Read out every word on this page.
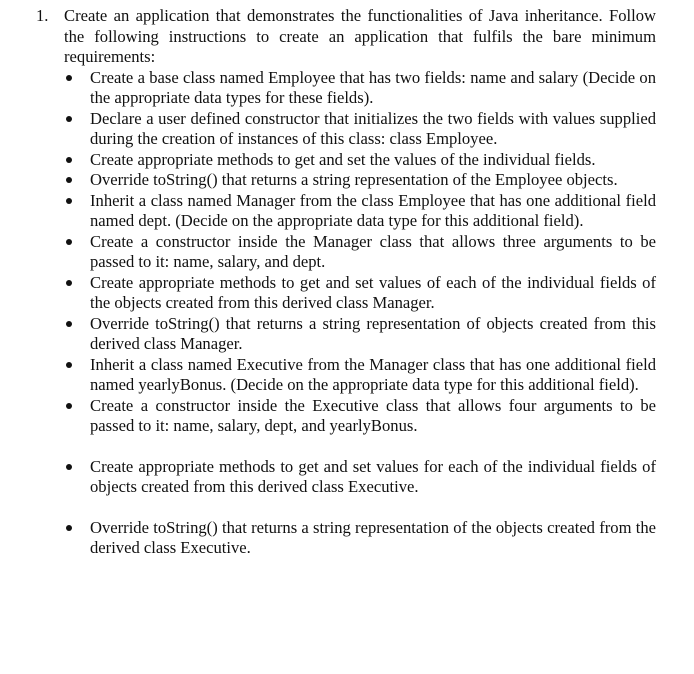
1. Create an application that demonstrates the functionalities of Java inheritance. Follow the following instructions to create an application that fulfils the bare minimum requirements:
Create a base class named Employee that has two fields: name and salary (Decide on the appropriate data types for these fields).
Declare a user defined constructor that initializes the two fields with values supplied during the creation of instances of this class: class Employee.
Create appropriate methods to get and set the values of the individual fields.
Override toString() that returns a string representation of the Employee objects.
Inherit a class named Manager from the class Employee that has one additional field named dept. (Decide on the appropriate data type for this additional field).
Create a constructor inside the Manager class that allows three arguments to be passed to it: name, salary, and dept.
Create appropriate methods to get and set values of each of the individual fields of the objects created from this derived class Manager.
Override toString() that returns a string representation of objects created from this derived class Manager.
Inherit a class named Executive from the Manager class that has one additional field named yearlyBonus. (Decide on the appropriate data type for this additional field).
Create a constructor inside the Executive class that allows four arguments to be passed to it: name, salary, dept, and yearlyBonus.
Create appropriate methods to get and set values for each of the individual fields of objects created from this derived class Executive.
Override toString() that returns a string representation of the objects created from the derived class Executive.
